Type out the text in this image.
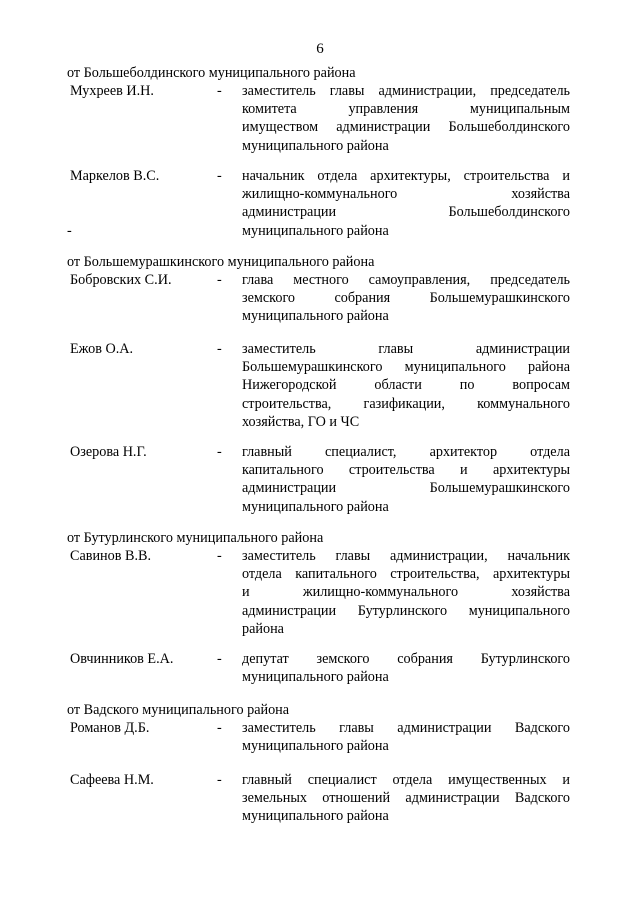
6
от Большеболдинского муниципального района
Мухреев И.Н.	- заместитель главы администрации, председатель
комитета управления муниципальным
имуществом администрации Большеболдинского
муниципального района
Маркелов В.С.	- начальник отдела архитектуры, строительства и
жилищно-коммунального хозяйства
администрации Большеболдинского
муниципального района
-
от Большемурашкинского муниципального района
Бобровских С.И.	- глава местного самоуправления, председатель
земского собрания Большемурашкинского
муниципального района
Ежов О.А.	- заместитель главы администрации
Большемурашкинского муниципального района
Нижегородской области по вопросам
строительства, газификации, коммунального
хозяйства, ГО и ЧС
Озерова Н.Г.	- главный специалист, архитектор отдела
капитального строительства и архитектуры
администрации Большемурашкинского
муниципального района
от Бутурлинского муниципального района
Савинов В.В.	- заместитель главы администрации, начальник
отдела капитального строительства, архитектуры
и жилищно-коммунального хозяйства
администрации Бутурлинского муниципального
района
Овчинников Е.А.	- депутат земского собрания Бутурлинского
муниципального района
от Вадского муниципального района
Романов Д.Б.	- заместитель главы администрации Вадского
муниципального района
Сафеева Н.М.	- главный специалист отдела имущественных и
земельных отношений администрации Вадского
муниципального района
